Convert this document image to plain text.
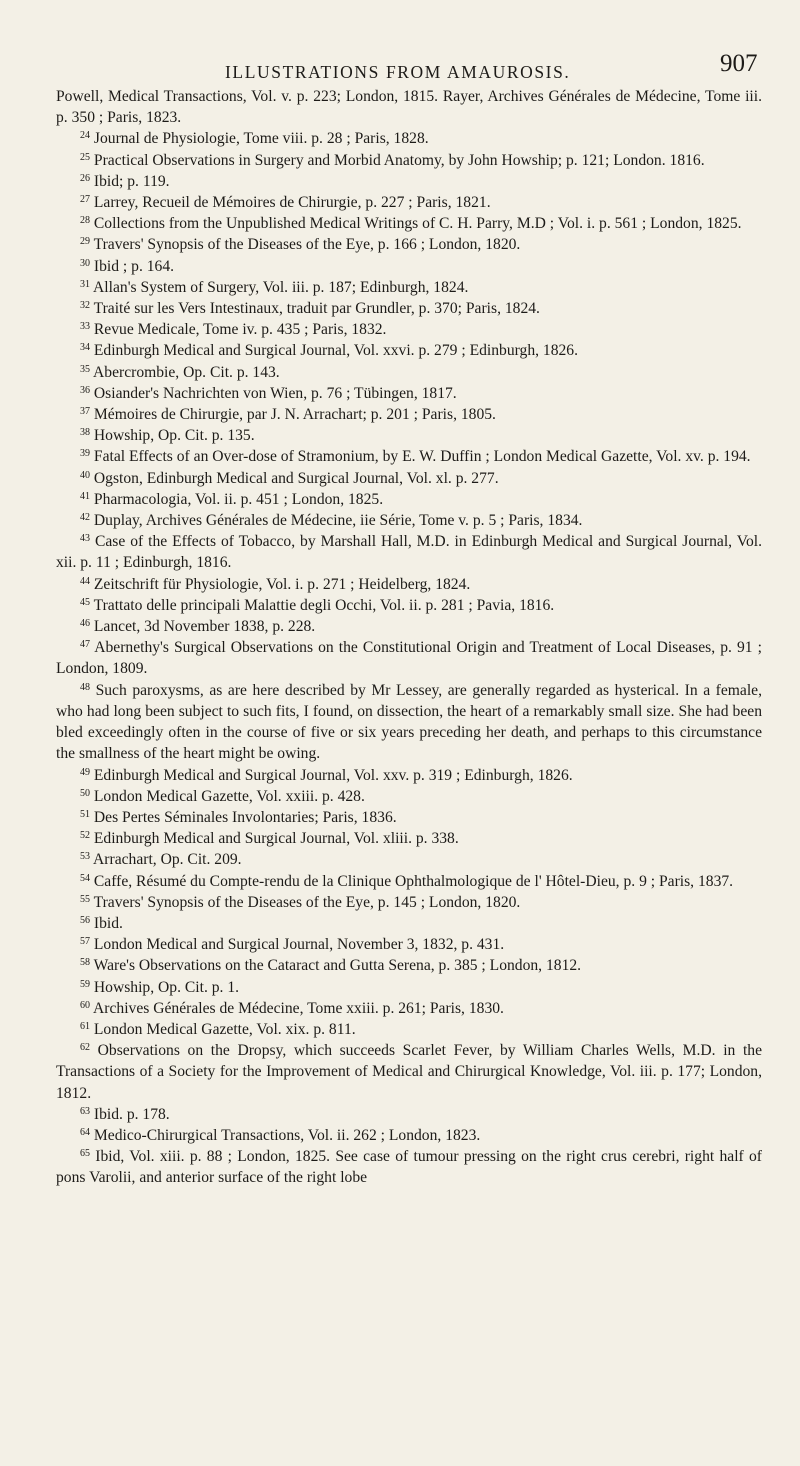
ILLUSTRATIONS FROM AMAUROSIS.	907

Powell, Medical Transactions, Vol. v. p. 223; London, 1815. Rayer, Archives Générales de Médecine, Tome iii. p. 350 ; Paris, 1823.

$^{24}$ Journal de Physiologie, Tome viii. p. 28 ; Paris, 1828.

$^{25}$ Practical Observations in Surgery and Morbid Anatomy, by John Howship; p. 121; London. 1816.

$^{26}$ Ibid; p. 119.

$^{27}$ Larrey, Recueil de Mémoires de Chirurgie, p. 227 ; Paris, 1821.

$^{28}$ Collections from the Unpublished Medical Writings of C. H. Parry, M.D ; Vol. i. p. 561 ; London, 1825.

$^{29}$ Travers' Synopsis of the Diseases of the Eye, p. 166 ; London, 1820.

$^{30}$ Ibid ; p. 164.

$^{31}$ Allan's System of Surgery, Vol. iii. p. 187; Edinburgh, 1824.

$^{32}$ Traité sur les Vers Intestinaux, traduit par Grundler, p. 370; Paris, 1824.

$^{33}$ Revue Medicale, Tome iv. p. 435 ; Paris, 1832.

$^{34}$ Edinburgh Medical and Surgical Journal, Vol. xxvi. p. 279 ; Edinburgh, 1826.

$^{35}$ Abercrombie, Op. Cit. p. 143.

$^{36}$ Osiander's Nachrichten von Wien, p. 76 ; Tübingen, 1817.

$^{37}$ Mémoires de Chirurgie, par J. N. Arrachart; p. 201 ; Paris, 1805.

$^{38}$ Howship, Op. Cit. p. 135.

$^{39}$ Fatal Effects of an Over-dose of Stramonium, by E. W. Duffin ; London Medical Gazette, Vol. xv. p. 194.

$^{40}$ Ogston, Edinburgh Medical and Surgical Journal, Vol. xl. p. 277.

$^{41}$ Pharmacologia, Vol. ii. p. 451 ; London, 1825.

$^{42}$ Duplay, Archives Générales de Médecine, iie Série, Tome v. p. 5 ; Paris, 1834.

$^{43}$ Case of the Effects of Tobacco, by Marshall Hall, M.D. in Edinburgh Medical and Surgical Journal, Vol. xii. p. 11 ; Edinburgh, 1816.

$^{44}$ Zeitschrift für Physiologie, Vol. i. p. 271 ; Heidelberg, 1824.

$^{45}$ Trattato delle principali Malattie degli Occhi, Vol. ii. p. 281 ; Pavia, 1816.

$^{46}$ Lancet, 3d November 1838, p. 228.

$^{47}$ Abernethy's Surgical Observations on the Constitutional Origin and Treatment of Local Diseases, p. 91 ; London, 1809.

$^{48}$ Such paroxysms, as are here described by Mr Lessey, are generally regarded as hysterical. In a female, who had long been subject to such fits, I found, on dissection, the heart of a remarkably small size. She had been bled exceedingly often in the course of five or six years preceding her death, and perhaps to this circumstance the smallness of the heart might be owing.

$^{49}$ Edinburgh Medical and Surgical Journal, Vol. xxv. p. 319 ; Edinburgh, 1826.

$^{50}$ London Medical Gazette, Vol. xxiii. p. 428.

$^{51}$ Des Pertes Séminales Involontaries; Paris, 1836.

$^{52}$ Edinburgh Medical and Surgical Journal, Vol. xliii. p. 338.

$^{53}$ Arrachart, Op. Cit. 209.

$^{54}$ Caffe, Résumé du Compte-rendu de la Clinique Ophthalmologique de l' Hôtel-Dieu, p. 9 ; Paris, 1837.

$^{55}$ Travers' Synopsis of the Diseases of the Eye, p. 145 ; London, 1820.

$^{56}$ Ibid.

$^{57}$ London Medical and Surgical Journal, November 3, 1832, p. 431.

$^{58}$ Ware's Observations on the Cataract and Gutta Serena, p. 385 ; London, 1812.

$^{59}$ Howship, Op. Cit. p. 1.

$^{60}$ Archives Générales de Médecine, Tome xxiii. p. 261; Paris, 1830.

$^{61}$ London Medical Gazette, Vol. xix. p. 811.

$^{62}$ Observations on the Dropsy, which succeeds Scarlet Fever, by William Charles Wells, M.D. in the Transactions of a Society for the Improvement of Medical and Chirurgical Knowledge, Vol. iii. p. 177; London, 1812.

$^{63}$ Ibid. p. 178.

$^{64}$ Medico-Chirurgical Transactions, Vol. ii. 262 ; London, 1823.

$^{65}$ Ibid, Vol. xiii. p. 88 ; London, 1825. See case of tumour pressing on the right crus cerebri, right half of pons Varolii, and anterior surface of the right lobe
